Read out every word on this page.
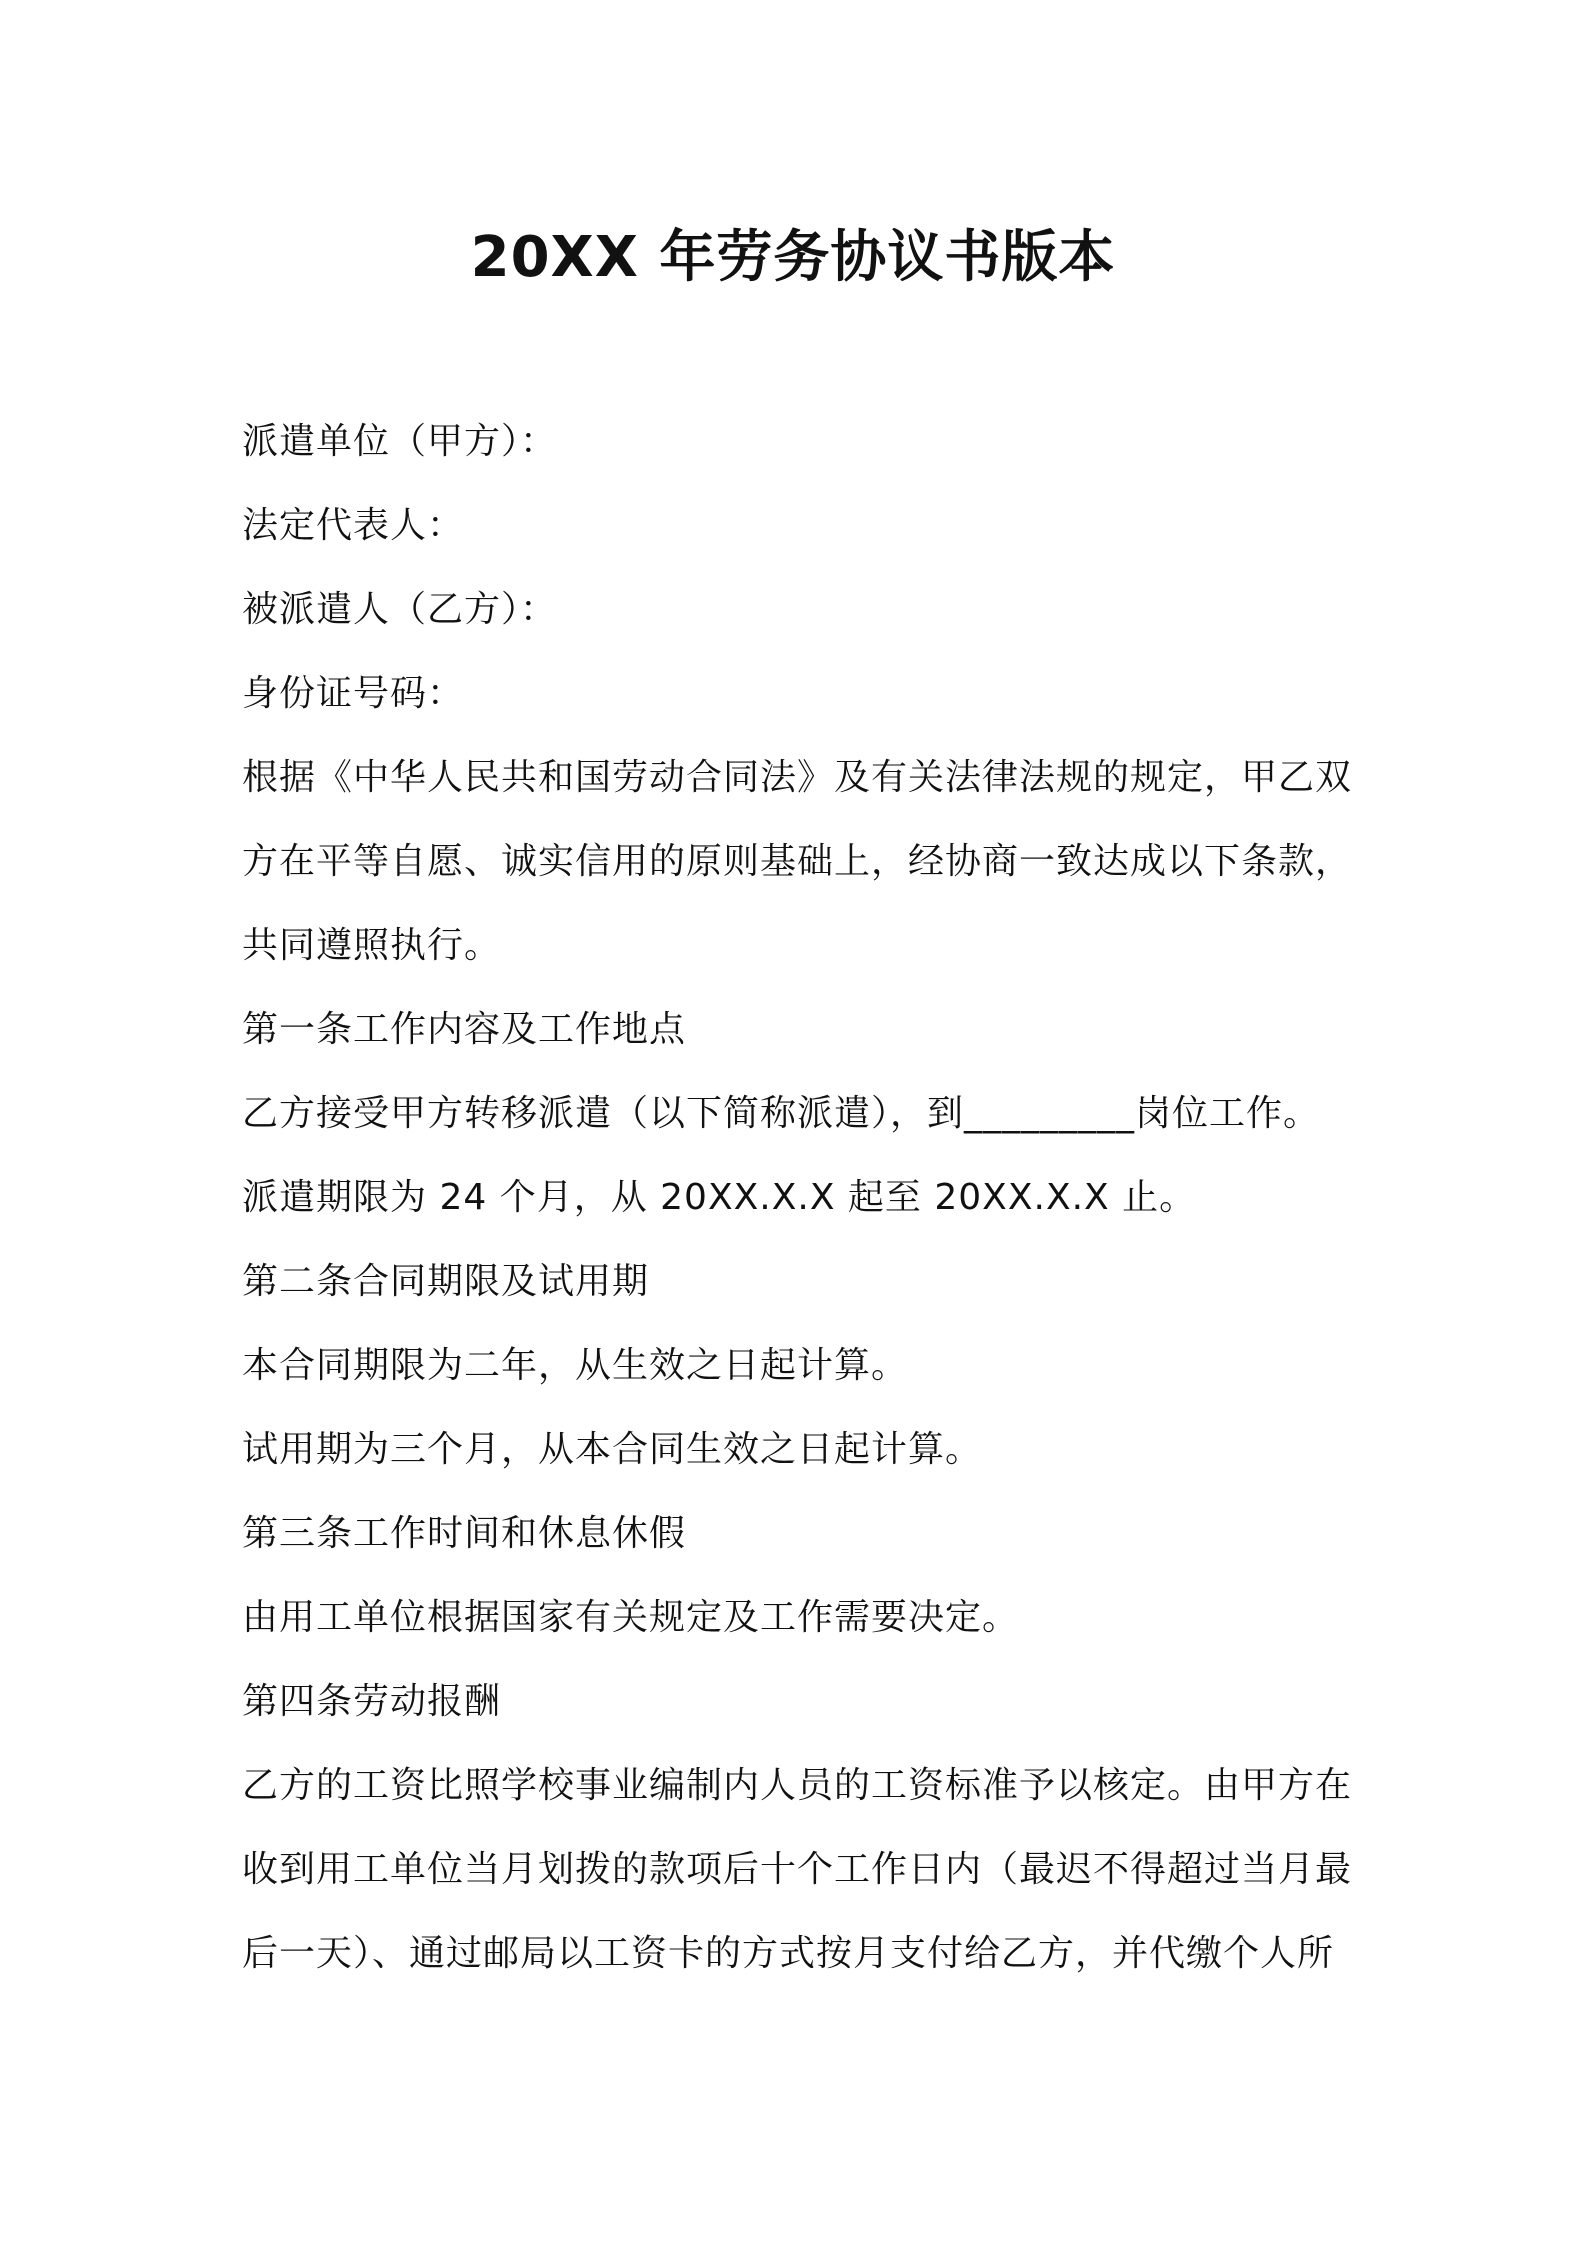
20XX 年劳务协议书版本
派遣单位（甲方）：
法定代表人：
被派遣人（乙方）：
身份证号码：
根据《中华人民共和国劳动合同法》及有关法律法规的规定，甲乙双
方在平等自愿、诚实信用的原则基础上，经协商一致达成以下条款，
共同遵照执行。
第一条工作内容及工作地点
乙方接受甲方转移派遣（以下简称派遣），到_________岗位工作。
派遣期限为 24 个月，从 20XX.X.X 起至 20XX.X.X 止。
第二条合同期限及试用期
本合同期限为二年，从生效之日起计算。
试用期为三个月，从本合同生效之日起计算。
第三条工作时间和休息休假
由用工单位根据国家有关规定及工作需要决定。
第四条劳动报酬
乙方的工资比照学校事业编制内人员的工资标准予以核定。由甲方在
收到用工单位当月划拨的款项后十个工作日内（最迟不得超过当月最
后一天）、通过邮局以工资卡的方式按月支付给乙方，并代缴个人所
